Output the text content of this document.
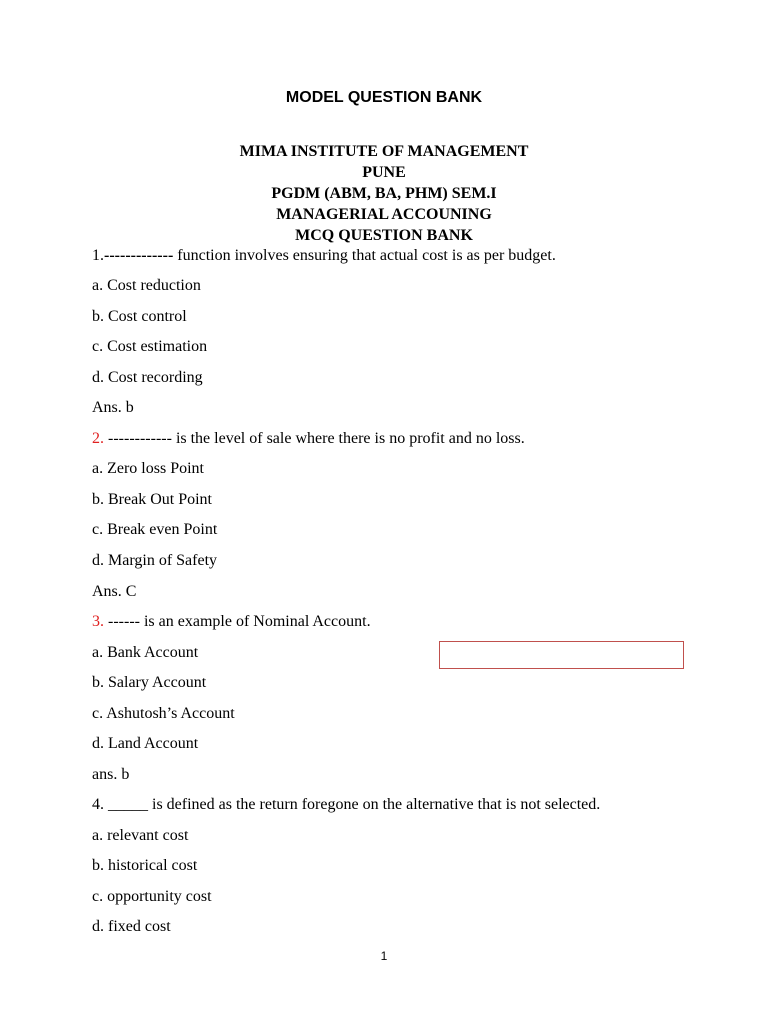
MODEL QUESTION BANK
MIMA INSTITUTE OF MANAGEMENT
PUNE
PGDM (ABM, BA, PHM) SEM.I
MANAGERIAL ACCOUNING
MCQ QUESTION BANK
1.------------- function involves ensuring that actual cost is as per budget.
a. Cost reduction
b. Cost control
c. Cost estimation
d. Cost recording
Ans. b
2. ------------ is the level of sale where there is no profit and no loss.
a. Zero loss Point
b. Break Out Point
c. Break even Point
d. Margin of Safety
Ans. C
3. ------ is an example of Nominal Account.
a. Bank Account
b. Salary Account
c. Ashutosh’s Account
d. Land Account
ans. b
4. _____ is defined as the return foregone on the alternative that is not selected.
a. relevant cost
b. historical cost
c. opportunity cost
d. fixed cost
1
